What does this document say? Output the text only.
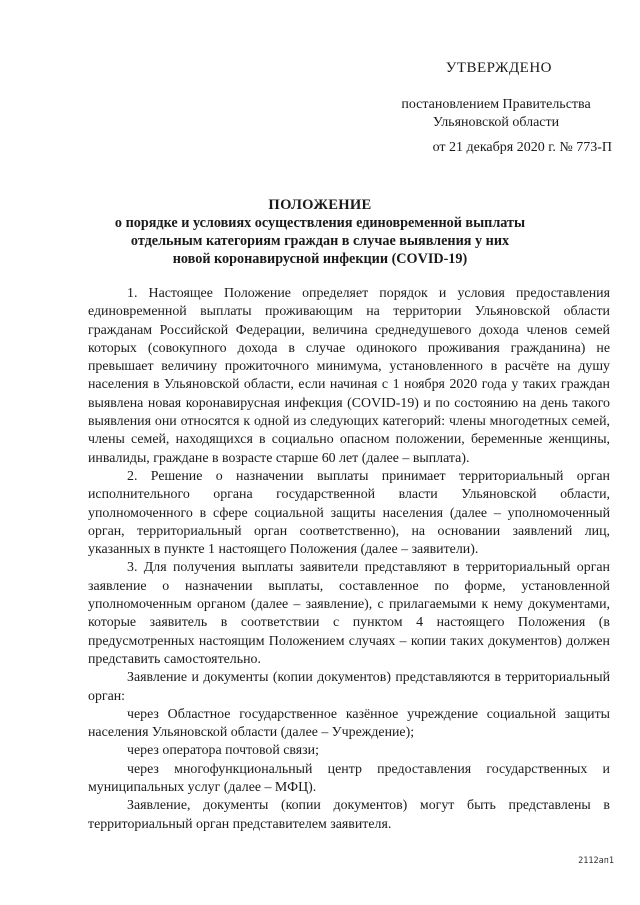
УТВЕРЖДЕНО
постановлением Правительства
Ульяновской области
от 21 декабря 2020 г. № 773-П
ПОЛОЖЕНИЕ
о порядке и условиях осуществления единовременной выплаты
отдельным категориям граждан в случае выявления у них
новой коронавирусной инфекции (COVID-19)

1. Настоящее Положение определяет порядок и условия предоставления единовременной выплаты проживающим на территории Ульяновской области гражданам Российской Федерации, величина среднедушевого дохода членов семей которых (совокупного дохода в случае одинокого проживания гражданина) не превышает величину прожиточного минимума, установленного в расчёте на душу населения в Ульяновской области, если начиная с 1 ноября 2020 года у таких граждан выявлена новая коронавирусная инфекция (COVID-19) и по состоянию на день такого выявления они относятся к одной из следующих категорий: члены многодетных семей, члены семей, находящихся в социально опасном положении, беременные женщины, инвалиды, граждане в возрасте старше 60 лет (далее – выплата).

2. Решение о назначении выплаты принимает территориальный орган исполнительного органа государственной власти Ульяновской области, уполномоченного в сфере социальной защиты населения (далее – уполномоченный орган, территориальный орган соответственно), на основании заявлений лиц, указанных в пункте 1 настоящего Положения (далее – заявители).

3. Для получения выплаты заявители представляют в территориальный орган заявление о назначении выплаты, составленное по форме, установленной уполномоченным органом (далее – заявление), с прилагаемыми к нему документами, которые заявитель в соответствии с пунктом 4 настоящего Положения (в предусмотренных настоящим Положением случаях – копии таких документов) должен представить самостоятельно.

Заявление и документы (копии документов) представляются в территориальный орган:

через Областное государственное казённое учреждение социальной защиты населения Ульяновской области (далее – Учреждение);

через оператора почтовой связи;

через многофункциональный центр предоставления государственных и муниципальных услуг (далее – МФЦ).

Заявление, документы (копии документов) могут быть представлены в территориальный орган представителем заявителя.

2112ап1
